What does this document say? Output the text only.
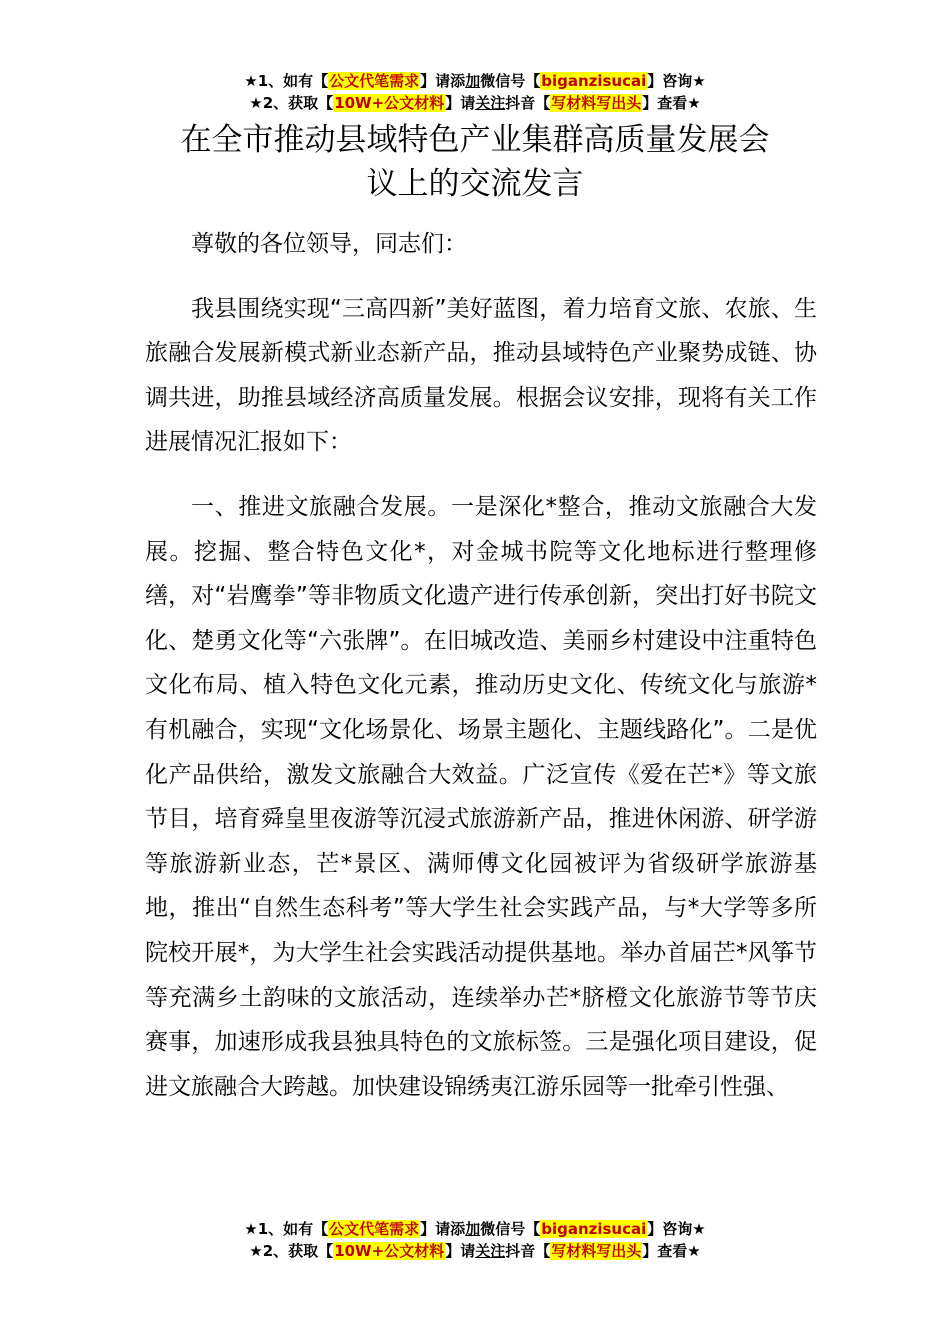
★1、如有【公文代笔需求】请添加微信号【biganzisucai】咨询★
★2、获取【10W+公文材料】请关注抖音【写材料写出头】查看★
在全市推动县域特色产业集群高质量发展会
议上的交流发言

尊敬的各位领导，同志们：

我县围绕实现“三高四新”美好蓝图，着力培育文旅、农旅、生旅融合发展新模式新业态新产品，推动县域特色产业聚势成链、协调共进，助推县域经济高质量发展。根据会议安排，现将有关工作进展情况汇报如下：

一、推进文旅融合发展。一是深化*整合，推动文旅融合大发展。挖掘、整合特色文化*，对金城书院等文化地标进行整理修缮，对“岩鹰拳”等非物质文化遗产进行传承创新，突出打好书院文化、楚勇文化等“六张牌”。在旧城改造、美丽乡村建设中注重特色文化布局、植入特色文化元素，推动历史文化、传统文化与旅游*有机融合，实现“文化场景化、场景主题化、主题线路化”。二是优化产品供给，激发文旅融合大效益。广泛宣传《爱在芒*》等文旅节目，培育舜皇里夜游等沉浸式旅游新产品，推进休闲游、研学游等旅游新业态，芒*景区、满师傅文化园被评为省级研学旅游基地，推出“自然生态科考”等大学生社会实践产品，与*大学等多所院校开展*，为大学生社会实践活动提供基地。举办首届芒*风筝节等充满乡土韵味的文旅活动，连续举办芒*脐橙文化旅游节等节庆赛事，加速形成我县独具特色的文旅标签。三是强化项目建设，促进文旅融合大跨越。加快建设锦绣夷江游乐园等一批牵引性强、

★1、如有【公文代笔需求】请添加微信号【biganzisucai】咨询★
★2、获取【10W+公文材料】请关注抖音【写材料写出头】查看★
